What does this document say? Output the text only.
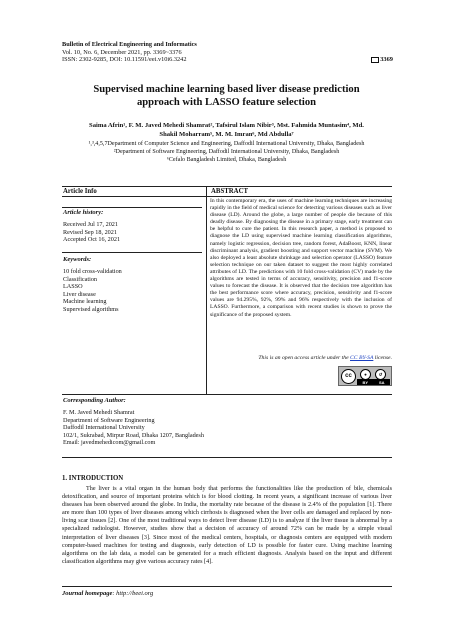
Bulletin of Electrical Engineering and Informatics
Vol. 10, No. 6, December 2021, pp. 3369~3376
ISSN: 2302-9285, DOI: 10.11591/eei.v10i6.3242	3369
Supervised machine learning based liver disease prediction
approach with LASSO feature selection
Saima Afrin¹, F. M. Javed Mehedi Shamrat², Tafsirul Islam Nibir³, Mst. Fahmida Muntasim⁴, Md.
Shakil Moharram⁵, M. M. Imran⁶, Md Abdulla⁷
¹,³,4,5,7Department of Computer Science and Engineering, Daffodil International University, Dhaka, Bangladesh
²Department of Software Engineering, Daffodil International University, Dhaka, Bangladesh
⁶Cefalo Bangladesh Limited, Dhaka, Bangladesh
Article Info
Article history:
Received Jul 17, 2021
Revised Sep 18, 2021
Accepted Oct 16, 2021
Keywords:
10 fold cross-validation
Classification
LASSO
Liver disease
Machine learning
Supervised algorithms
ABSTRACT
In this contemporary era, the uses of machine learning techniques are increasing rapidly in the field of medical science for detecting various diseases such as liver disease (LD). Around the globe, a large number of people die because of this deadly disease. By diagnosing the disease in a primary stage, early treatment can be helpful to cure the patient. In this research paper, a method is proposed to diagnose the LD using supervised machine learning classification algorithms, namely logistic regression, decision tree, random forest, AdaBoost, KNN, linear discriminant analysis, gradient boosting and support vector machine (SVM). We also deployed a least absolute shrinkage and selection operator (LASSO) feature selection technique on our taken dataset to suggest the most highly correlated attributes of LD. The predictions with 10 fold cross-validation (CV) made by the algorithms are tested in terms of accuracy, sensitivity, precision and f1-score values to forecast the disease. It is observed that the decision tree algorithm has the best performance score where accuracy, precision, sensitivity and f1-score values are 94.295%, 92%, 99% and 96% respectively with the inclusion of LASSO. Furthermore, a comparison with recent studies is shown to prove the significance of the proposed system.
This is an open access article under the CC BY-SA license.
cc	●	↺
BY	SA
Corresponding Author:
F. M. Javed Mehedi Shamrat
Department of Software Engineering
Daffodil International University
102/1, Sukrabad, Mirpur Road, Dhaka 1207, Bangladesh
Email: javedmehedicom@gmail.com
1. INTRODUCTION
The liver is a vital organ in the human body that performs the functionalities like the production of bile, chemicals detoxification, and source of important proteins which is for blood clotting. In recent years, a significant increase of various liver diseases has been observed around the globe. In India, the mortality rate because of the disease is 2.4% of the population [1]. There are more than 100 types of liver diseases among which cirrhosis is diagnosed when the liver cells are damaged and replaced by non-living scar tissues [2]. One of the most traditional ways to detect liver disease (LD) is to analyze if the liver tissue is abnormal by a specialized radiologist. However, studies show that a decision of accuracy of around 72% can be made by a simple visual interpretation of liver diseases [3]. Since most of the medical centers, hospitals, or diagnosis centers are equipped with modern computer-based machines for testing and diagnosis, early detection of LD is possible for faster cure. Using machine learning algorithms on the lab data, a model can be generated for a much efficient diagnosis. Analysis based on the input and different classification algorithms may give various accuracy rates [4].
Journal homepage: http://beei.org
